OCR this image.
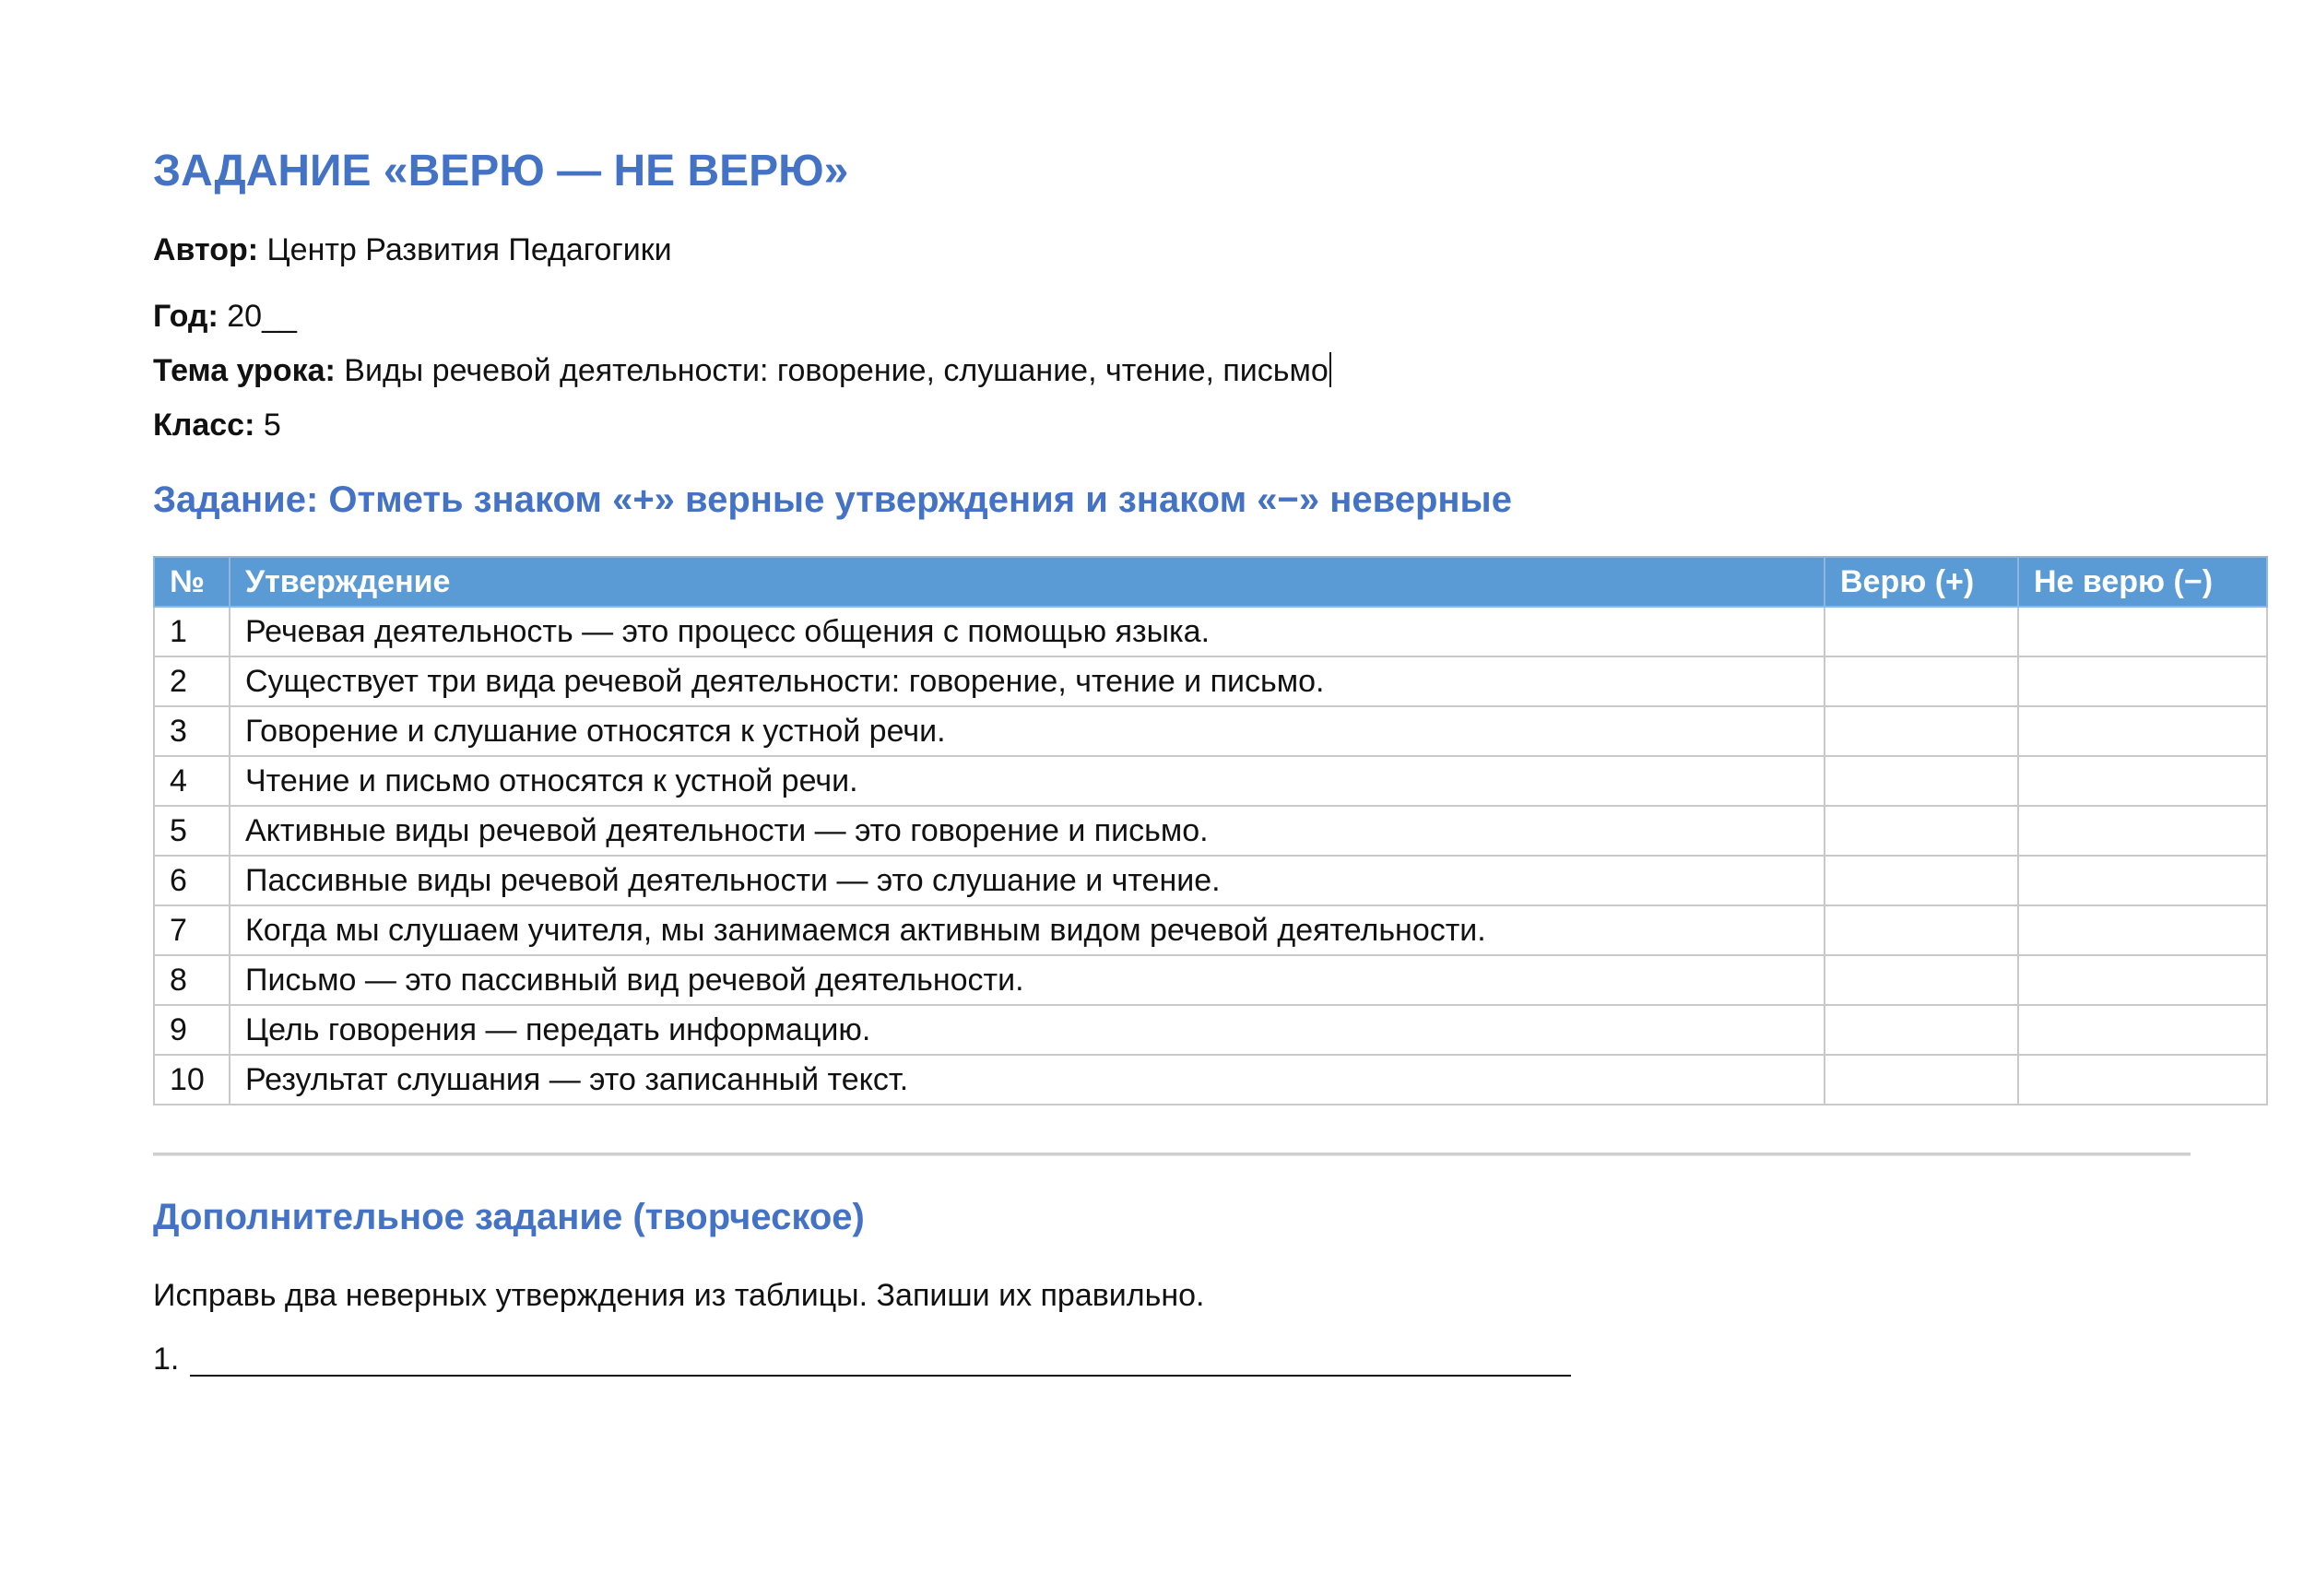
ЗАДАНИЕ «ВЕРЮ — НЕ ВЕРЮ»

Автор: Центр Развития Педагогики

Год: 20__

Тема урока: Виды речевой деятельности: говорение, слушание, чтение, письмо

Класс: 5

Задание: Отметь знаком «+» верные утверждения и знаком «−» неверные
№	Утверждение	Верю (+)	Не верю (−)
1	Речевая деятельность — это процесс общения с помощью языка.		
2	Существует три вида речевой деятельности: говорение, чтение и письмо.		
3	Говорение и слушание относятся к устной речи.		
4	Чтение и письмо относятся к устной речи.		
5	Активные виды речевой деятельности — это говорение и письмо.		
6	Пассивные виды речевой деятельности — это слушание и чтение.		
7	Когда мы слушаем учителя, мы занимаемся активным видом речевой деятельности.		
8	Письмо — это пассивный вид речевой деятельности.		
9	Цель говорения — передать информацию.		
10	Результат слушания — это записанный текст.		
Дополнительное задание (творческое)

Исправь два неверных утверждения из таблицы. Запиши их правильно.

1.
